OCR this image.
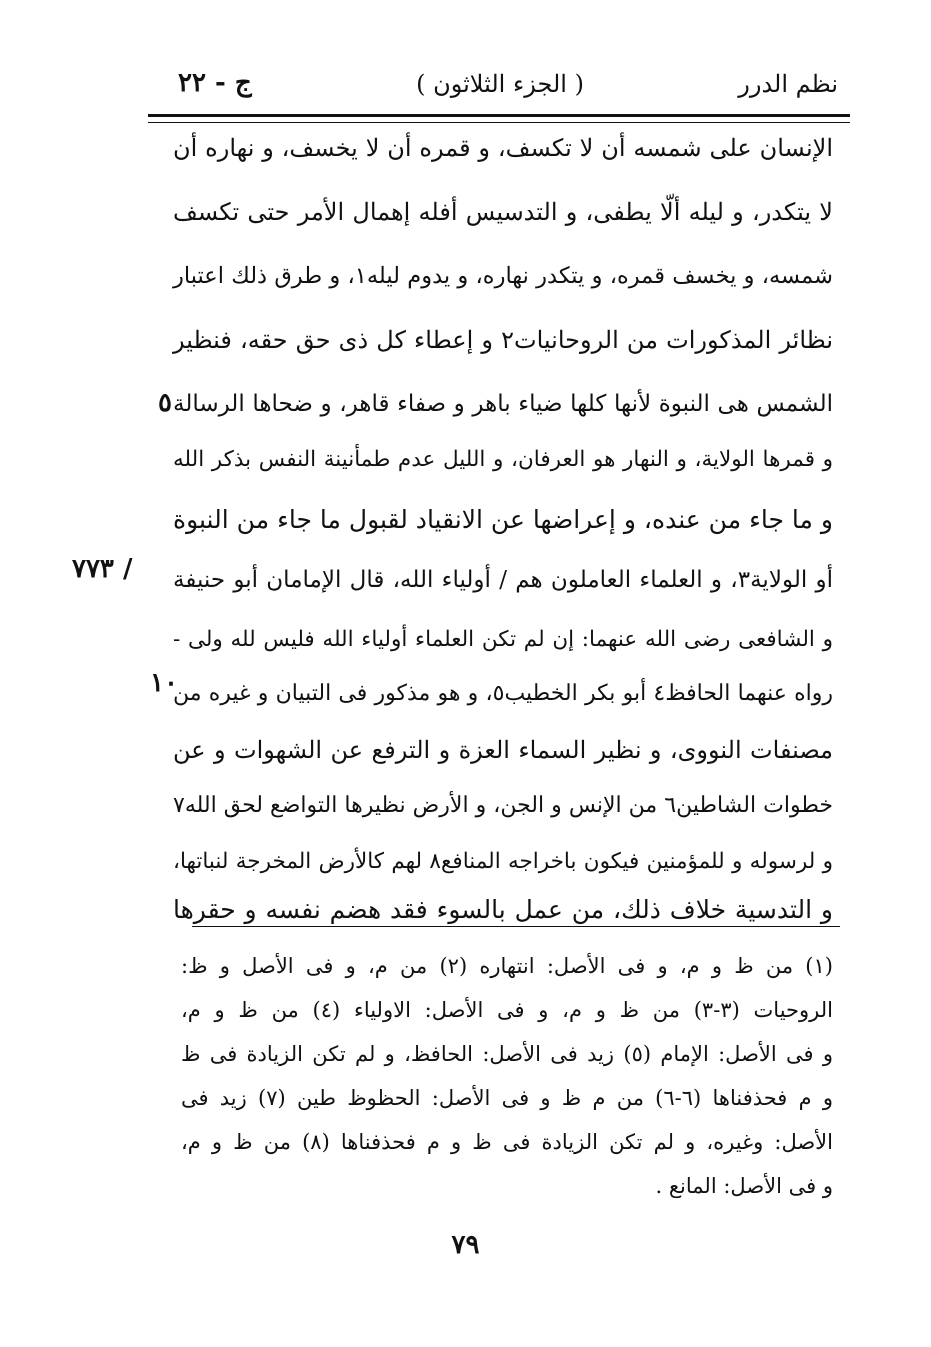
نظم الدرر
( الجزء الثلاثون )
ج - ٢٢
الإنسان على شمسه أن لا تكسف، و قمره أن لا يخسف، و نهاره أن
لا يتكدر، و ليله ألّا يطفى، و التدسيس أفله إهمال الأمر حتى تكسف
شمسه، و يخسف قمره، و يتكدر نهاره، و يدوم ليله١، و طرق ذلك اعتبار
نظائر المذكورات من الروحانيات٢ و إعطاء كل ذى حق حقه، فنظير
الشمس هى النبوة لأنها كلها ضياء باهر و صفاء قاهر، و ضحاها الرسالة
و قمرها الولاية، و النهار هو العرفان، و الليل عدم طمأنينة النفس بذكر الله
و ما جاء من عنده، و إعراضها عن الانقياد لقبول ما جاء من النبوة
أو الولاية٣، و العلماء العاملون هم / أولياء الله، قال الإمامان أبو حنيفة
و الشافعى رضى الله عنهما: إن لم تكن العلماء أولياء الله فليس لله ولى -
رواه عنهما الحافظ٤ أبو بكر الخطيب٥، و هو مذكور فى التبيان و غيره من
مصنفات النووى، و نظير السماء العزة و الترفع عن الشهوات و عن
خطوات الشاطين٦ من الإنس و الجن، و الأرض نظيرها التواضع لحق الله٧
و لرسوله و للمؤمنين فيكون باخراجه المنافع٨ لهم كالأرض المخرجة لنباتها،
و التدسية خلاف ذلك، من عمل بالسوء فقد هضم نفسه و حقرها
٥
١٠
/ ٧٧٣
(١) من ظ و م، و فى الأصل: انتهاره (٢) من م، و فى الأصل و ظ:
الروحيات (٣-٣) من ظ و م، و فى الأصل: الاولياء (٤) من ظ و م،
و فى الأصل: الإمام (٥) زيد فى الأصل: الحافظ، و لم تكن الزيادة فى ظ
و م فحذفناها (٦-٦) من م ظ و فى الأصل: الحظوظ طين (٧) زيد فى
الأصل: وغيره، و لم تكن الزيادة فى ظ و م فحذفناها (٨) من ظ و م،
و فى الأصل: المانع .
٧٩
